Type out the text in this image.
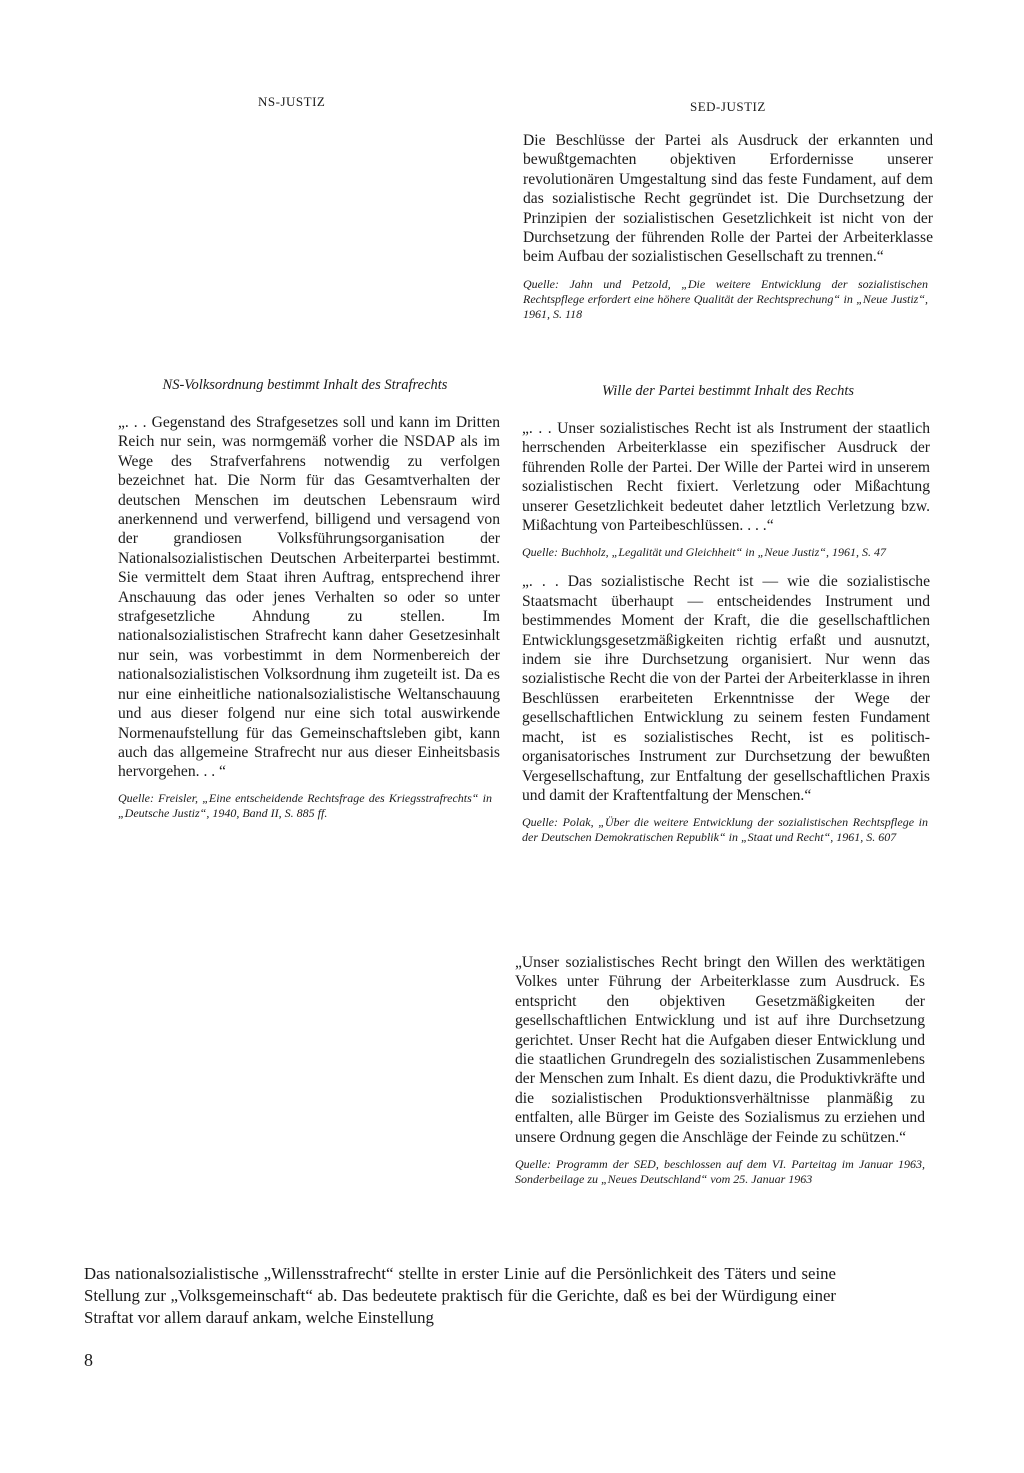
NS-JUSTIZ	SED-JUSTIZ

Die Beschlüsse der Partei als Ausdruck der erkannten und bewußtgemachten objektiven Erfordernisse unserer revolutionären Umgestaltung sind das feste Fundament, auf dem das sozialistische Recht gegründet ist. Die Durchsetzung der Prinzipien der sozialistischen Gesetzlichkeit ist nicht von der Durchsetzung der führenden Rolle der Partei der Arbeiterklasse beim Aufbau der sozialistischen Gesellschaft zu trennen.“

Quelle: Jahn und Petzold, „Die weitere Entwicklung der sozialistischen Rechtspflege erfordert eine höhere Qualität der Rechtsprechung“ in „Neue Justiz“, 1961, S. 118

NS-Volksordnung bestimmt Inhalt des Strafrechts	Wille der Partei bestimmt Inhalt des Rechts

„. . . Gegenstand des Strafgesetzes soll und kann im Dritten Reich nur sein, was normgemäß vorher die NSDAP als im Wege des Strafverfahrens notwendig zu verfolgen bezeichnet hat. Die Norm für das Gesamtverhalten der deutschen Menschen im deutschen Lebensraum wird anerkennend und verwerfend, billigend und versagend von der grandiosen Volksführungsorganisation der Nationalsozialistischen Deutschen Arbeiterpartei bestimmt. Sie vermittelt dem Staat ihren Auftrag, entsprechend ihrer Anschauung das oder jenes Verhalten so oder so unter strafgesetzliche Ahndung zu stellen. Im nationalsozialistischen Strafrecht kann daher Gesetzesinhalt nur sein, was vorbestimmt in dem Normenbereich der nationalsozialistischen Volksordnung ihm zugeteilt ist. Da es nur eine einheitliche nationalsozialistische Weltanschauung und aus dieser folgend nur eine sich total auswirkende Normenaufstellung für das Gemeinschaftsleben gibt, kann auch das allgemeine Strafrecht nur aus dieser Einheitsbasis hervorgehen. . . “

Quelle: Freisler, „Eine entscheidende Rechtsfrage des Kriegsstrafrechts“ in „Deutsche Justiz“, 1940, Band II, S. 885 ff.

„. . . Unser sozialistisches Recht ist als Instrument der staatlich herrschenden Arbeiterklasse ein spezifischer Ausdruck der führenden Rolle der Partei. Der Wille der Partei wird in unserem sozialistischen Recht fixiert. Verletzung oder Mißachtung unserer Gesetzlichkeit bedeutet daher letztlich Verletzung bzw. Mißachtung von Parteibeschlüssen. . . .“

Quelle: Buchholz, „Legalität und Gleichheit“ in „Neue Justiz“, 1961, S. 47

„. . . Das sozialistische Recht ist — wie die sozialistische Staatsmacht überhaupt — entscheidendes Instrument und bestimmendes Moment der Kraft, die die gesellschaftlichen Entwicklungsgesetzmäßigkeiten richtig erfaßt und ausnutzt, indem sie ihre Durchsetzung organisiert. Nur wenn das sozialistische Recht die von der Partei der Arbeiterklasse in ihren Beschlüssen erarbeiteten Erkenntnisse der Wege der gesellschaftlichen Entwicklung zu seinem festen Fundament macht, ist es sozialistisches Recht, ist es politisch-organisatorisches Instrument zur Durchsetzung der bewußten Vergesellschaftung, zur Entfaltung der gesellschaftlichen Praxis und damit der Kraftentfaltung der Menschen.“

Quelle: Polak, „Über die weitere Entwicklung der sozialistischen Rechtspflege in der Deutschen Demokratischen Republik“ in „Staat und Recht“, 1961, S. 607

„Unser sozialistisches Recht bringt den Willen des werktätigen Volkes unter Führung der Arbeiterklasse zum Ausdruck. Es entspricht den objektiven Gesetzmäßigkeiten der gesellschaftlichen Entwicklung und ist auf ihre Durchsetzung gerichtet. Unser Recht hat die Aufgaben dieser Entwicklung und die staatlichen Grundregeln des sozialistischen Zusammenlebens der Menschen zum Inhalt. Es dient dazu, die Produktivkräfte und die sozialistischen Produktionsverhältnisse planmäßig zu entfalten, alle Bürger im Geiste des Sozialismus zu erziehen und unsere Ordnung gegen die Anschläge der Feinde zu schützen.“

Quelle: Programm der SED, beschlossen auf dem VI. Parteitag im Januar 1963, Sonderbeilage zu „Neues Deutschland“ vom 25. Januar 1963

Das nationalsozialistische „Willensstrafrecht“ stellte in erster Linie auf die Persönlichkeit des Täters und seine Stellung zur „Volksgemeinschaft“ ab. Das bedeutete praktisch für die Gerichte, daß es bei der Würdigung einer Straftat vor allem darauf ankam, welche Einstellung

8
